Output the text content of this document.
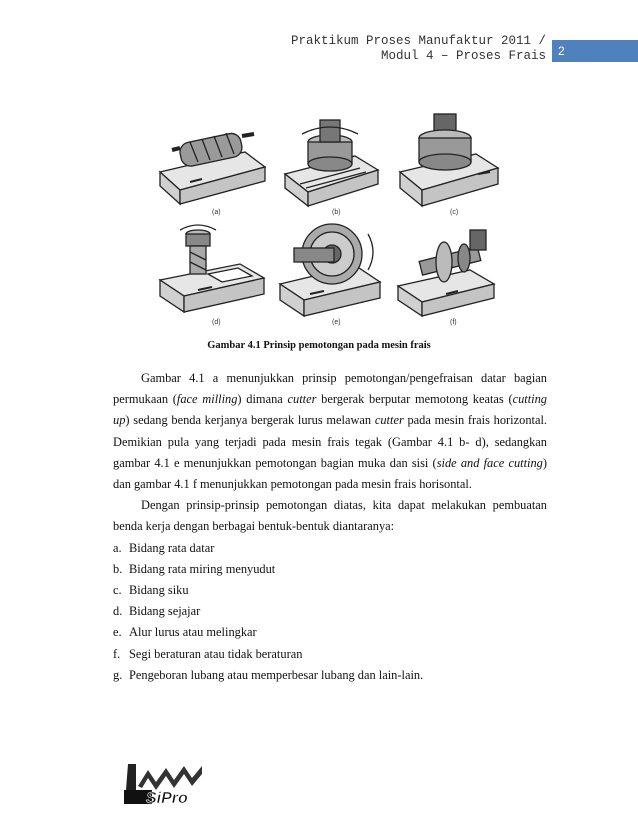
Praktikum Proses Manufaktur 2011 /
Modul 4 – Proses Frais	2
(a)	(b)	(c)
(d)	(e)	(f)
Gambar 4.1 Prinsip pemotongan pada mesin frais

Gambar 4.1 a menunjukkan prinsip pemotongan/pengefraisan datar bagian permukaan (face milling) dimana cutter bergerak berputar memotong keatas (cutting up) sedang benda kerjanya bergerak lurus melawan cutter pada mesin frais horizontal. Demikian pula yang terjadi pada mesin frais tegak (Gambar 4.1 b- d), sedangkan gambar 4.1 e menunjukkan pemotongan bagian muka dan sisi (side and face cutting) dan gambar 4.1 f menunjukkan pemotongan pada mesin frais horisontal.

Dengan prinsip-prinsip pemotongan diatas, kita dapat melakukan pembuatan benda kerja dengan berbagai bentuk-bentuk diantaranya:

a. Bidang rata datar
b. Bidang rata miring menyudut
c. Bidang siku
d. Bidang sejajar
e. Alur lurus atau melingkar
f. Segi beraturan atau tidak beraturan
g. Pengeboran lubang atau memperbesar lubang dan lain-lain.
SiPro
